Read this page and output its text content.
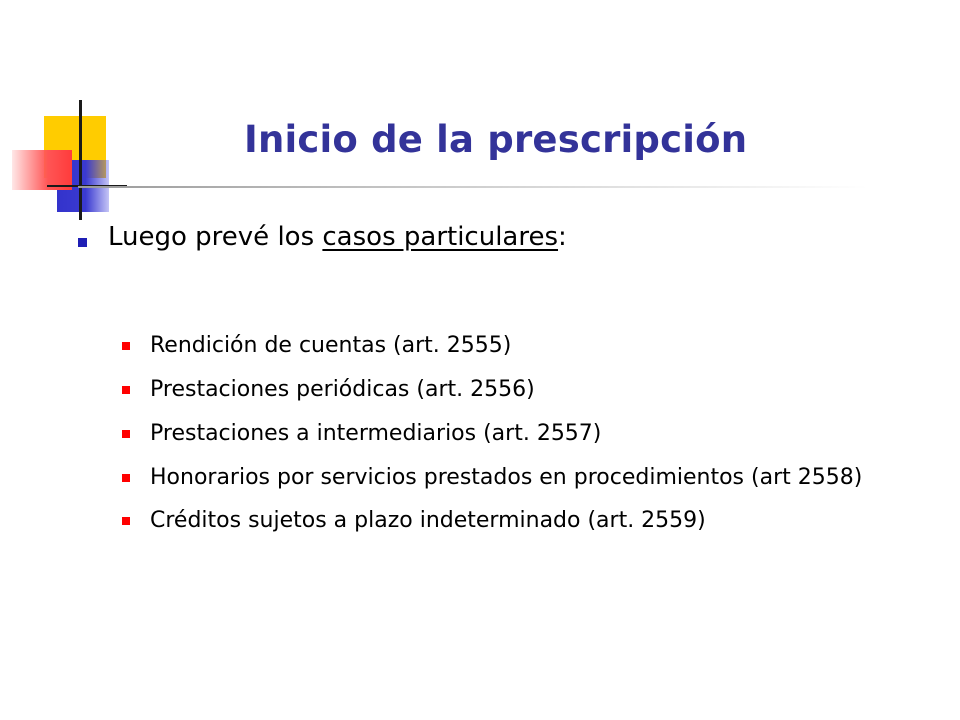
Inicio de la prescripción
Luego prevé los casos particulares:
Rendición de cuentas (art. 2555)
Prestaciones periódicas (art. 2556)
Prestaciones a intermediarios (art. 2557)
Honorarios por servicios prestados en procedimientos (art 2558)
Créditos sujetos a plazo indeterminado (art. 2559)
